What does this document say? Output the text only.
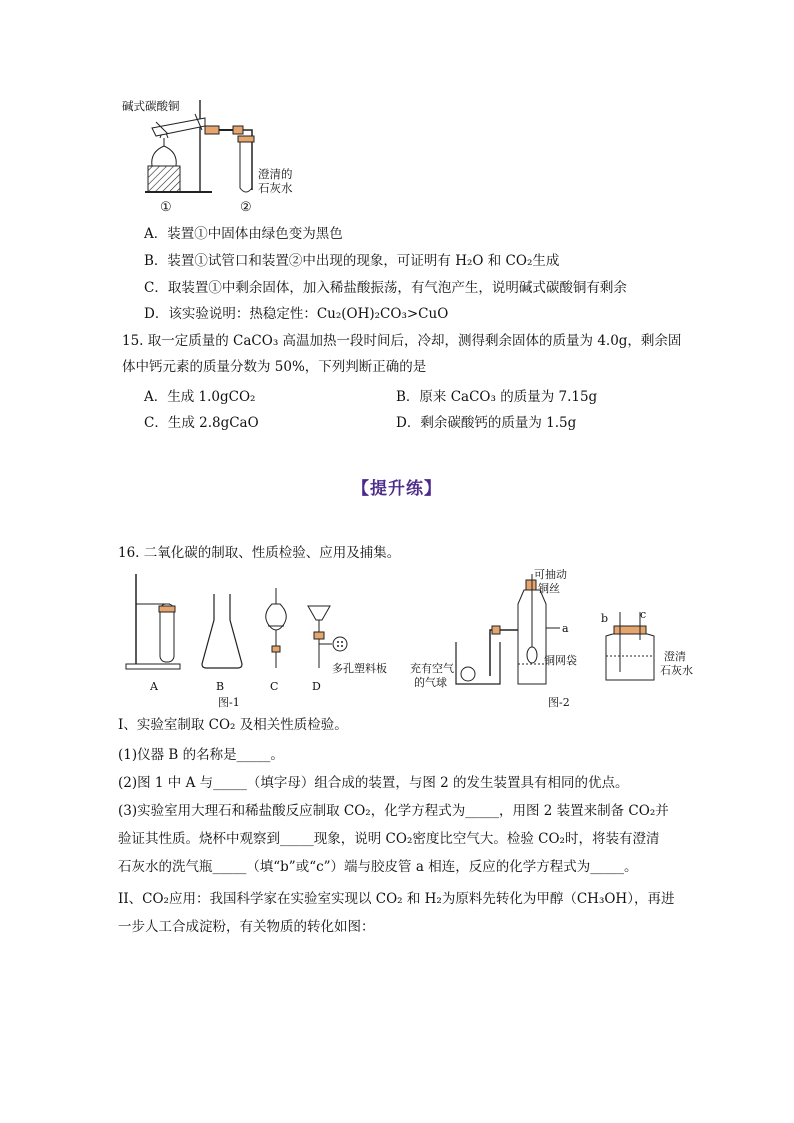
碱式碳酸铜
澄清的
石灰水
①	②
A．装置①中固体由绿色变为黑色
B．装置①试管口和装置②中出现的现象，可证明有 H₂O 和 CO₂生成
C．取装置①中剩余固体，加入稀盐酸振荡，有气泡产生，说明碱式碳酸铜有剩余
D．该实验说明：热稳定性：Cu₂(OH)₂CO₃>CuO
15. 取一定质量的 CaCO₃ 高温加热一段时间后，冷却，测得剩余固体的质量为 4.0g，剩余固
体中钙元素的质量分数为 50%，下列判断正确的是
A．生成 1.0gCO₂	B．原来 CaCO₃ 的质量为 7.15g
C．生成 2.8gCaO	D．剩余碳酸钙的质量为 1.5g
【提升练】
16. 二氧化碳的制取、性质检验、应用及捕集。
A	B	C	D
多孔塑料板
图-1
可抽动
铜丝
a
铜网袋
充有空气
的气球
b	c
澄清
石灰水
图-2
I、实验室制取 CO₂ 及相关性质检验。
(1)仪器 B 的名称是_____。
(2)图 1 中 A 与_____（填字母）组合成的装置，与图 2 的发生装置具有相同的优点。
(3)实验室用大理石和稀盐酸反应制取 CO₂，化学方程式为_____，用图 2 装置来制备 CO₂并
验证其性质。烧杯中观察到_____现象，说明 CO₂密度比空气大。检验 CO₂时，将装有澄清
石灰水的洗气瓶_____（填“b”或“c”）端与胶皮管 a 相连，反应的化学方程式为_____。
II、CO₂应用：我国科学家在实验室实现以 CO₂ 和 H₂为原料先转化为甲醇（CH₃OH），再进
一步人工合成淀粉，有关物质的转化如图：
